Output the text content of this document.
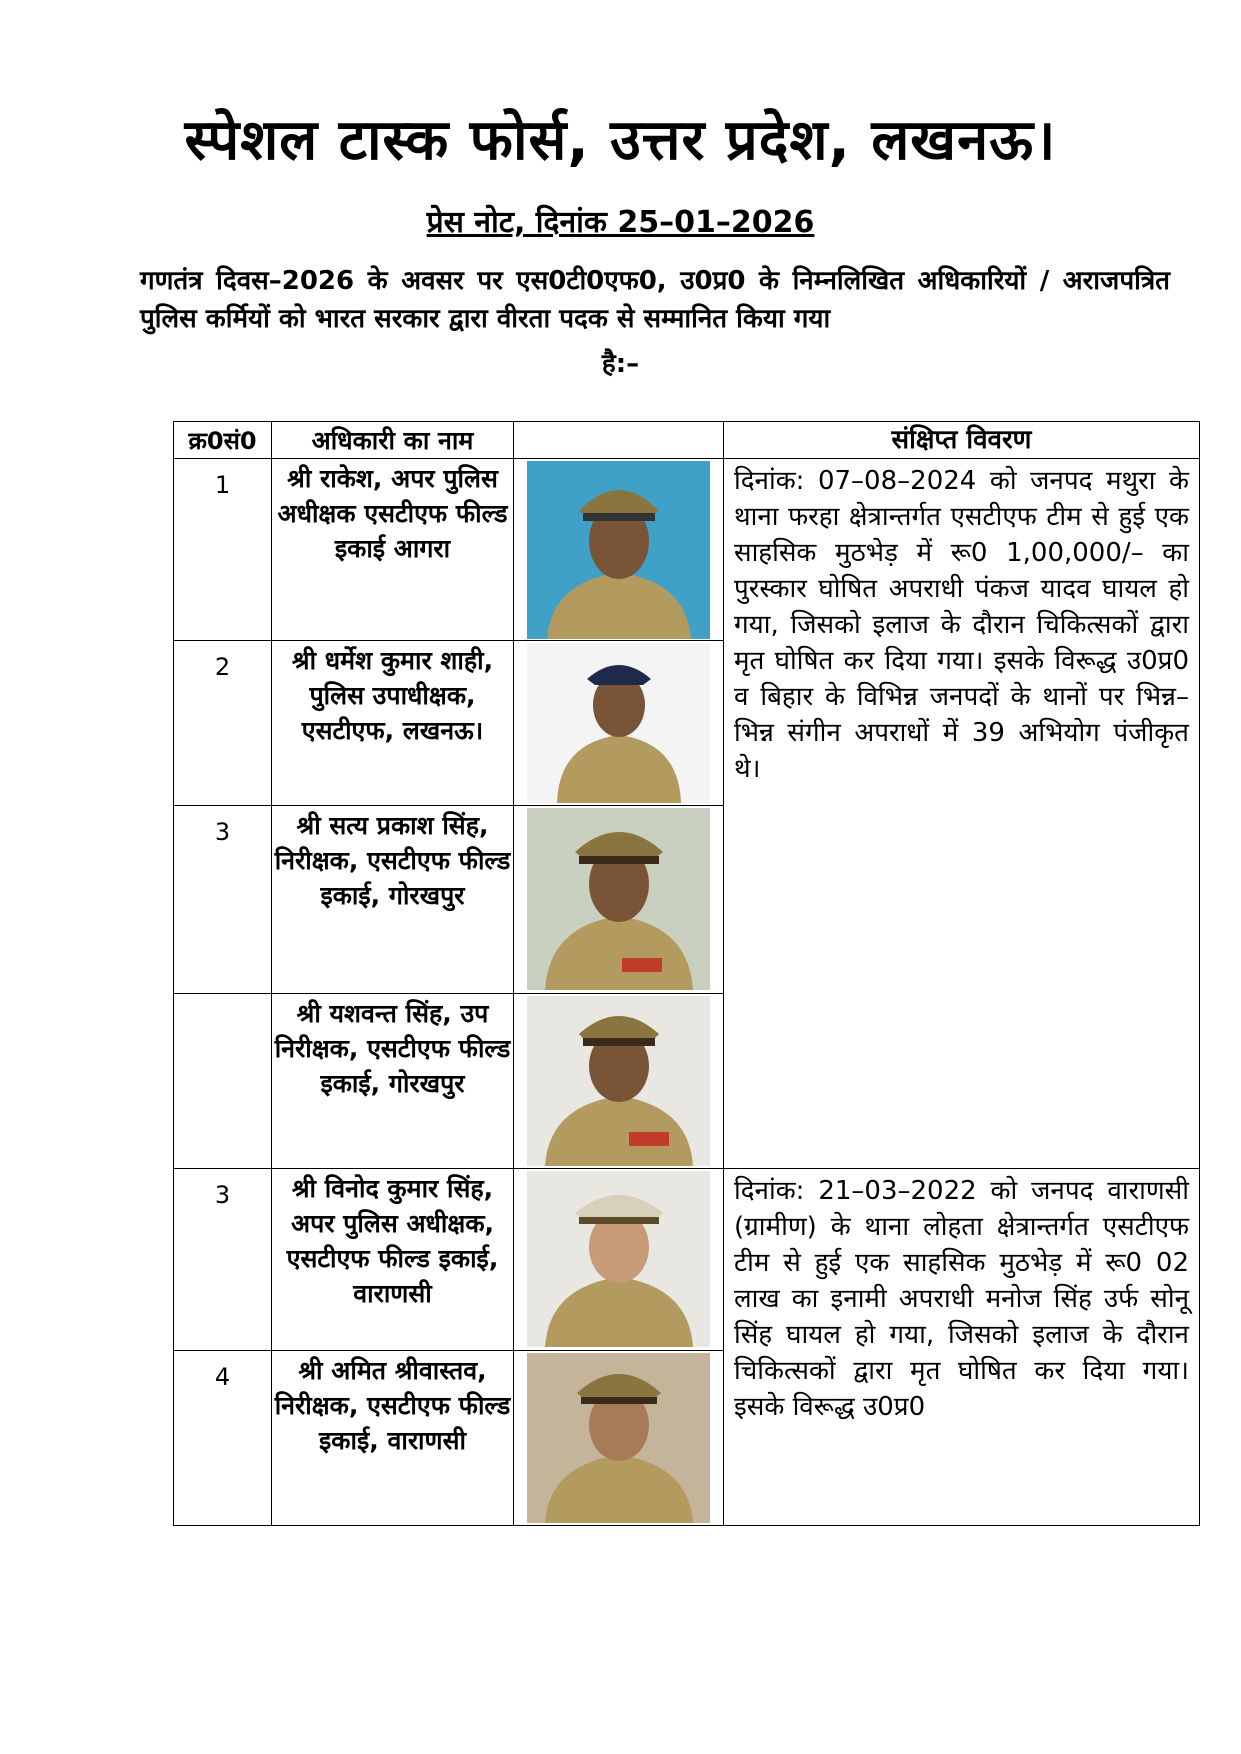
स्पेशल टास्क फोर्स, उत्तर प्रदेश, लखनऊ।
प्रेस नोट, दिनांक 25–01–2026
गणतंत्र दिवस–2026 के अवसर पर एस0टी0एफ0, उ0प्र0 के निम्नलिखित अधिकारियों / अराजपत्रित पुलिस कर्मियों को भारत सरकार द्वारा वीरता पदक से सम्मानित किया गया
है:–
क्र0सं0	अधिकारी का नाम		संक्षिप्त विवरण
1	श्री राकेश, अपर पुलिस अधीक्षक एसटीएफ फील्ड इकाई आगरा		दिनांक: 07–08–2024 को जनपद मथुरा के थाना फरहा क्षेत्रान्तर्गत एसटीएफ टीम से हुई एक साहसिक मुठभेड़ में रू0 1,00,000/– का पुरस्कार घोषित अपराधी पंकज यादव घायल हो गया, जिसको इलाज के दौरान चिकित्सकों द्वारा मृत घोषित कर दिया गया। इसके विरूद्ध उ0प्र0 व बिहार के विभिन्न जनपदों के थानों पर भिन्न–भिन्न संगीन अपराधों में 39 अभियोग पंजीकृत थे।
2	श्री धर्मेश कुमार शाही, पुलिस उपाधीक्षक, एसटीएफ, लखनऊ।	

3	श्री सत्य प्रकाश सिंह, निरीक्षक, एसटीएफ फील्ड इकाई, गोरखपुर	

	श्री यशवन्त सिंह, उप निरीक्षक, एसटीएफ फील्ड इकाई, गोरखपुर	

3	श्री विनोद कुमार सिंह, अपर पुलिस अधीक्षक, एसटीएफ फील्ड इकाई, वाराणसी		दिनांक: 21–03–2022 को जनपद वाराणसी (ग्रामीण) के थाना लोहता क्षेत्रान्तर्गत एसटीएफ टीम से हुई एक साहसिक मुठभेड़ में रू0 02 लाख का इनामी अपराधी मनोज सिंह उर्फ सोनू सिंह घायल हो गया, जिसको इलाज के दौरान चिकित्सकों द्वारा मृत घोषित कर दिया गया। इसके विरूद्ध उ0प्र0
4	श्री अमित श्रीवास्तव, निरीक्षक, एसटीएफ फील्ड इकाई, वाराणसी	
